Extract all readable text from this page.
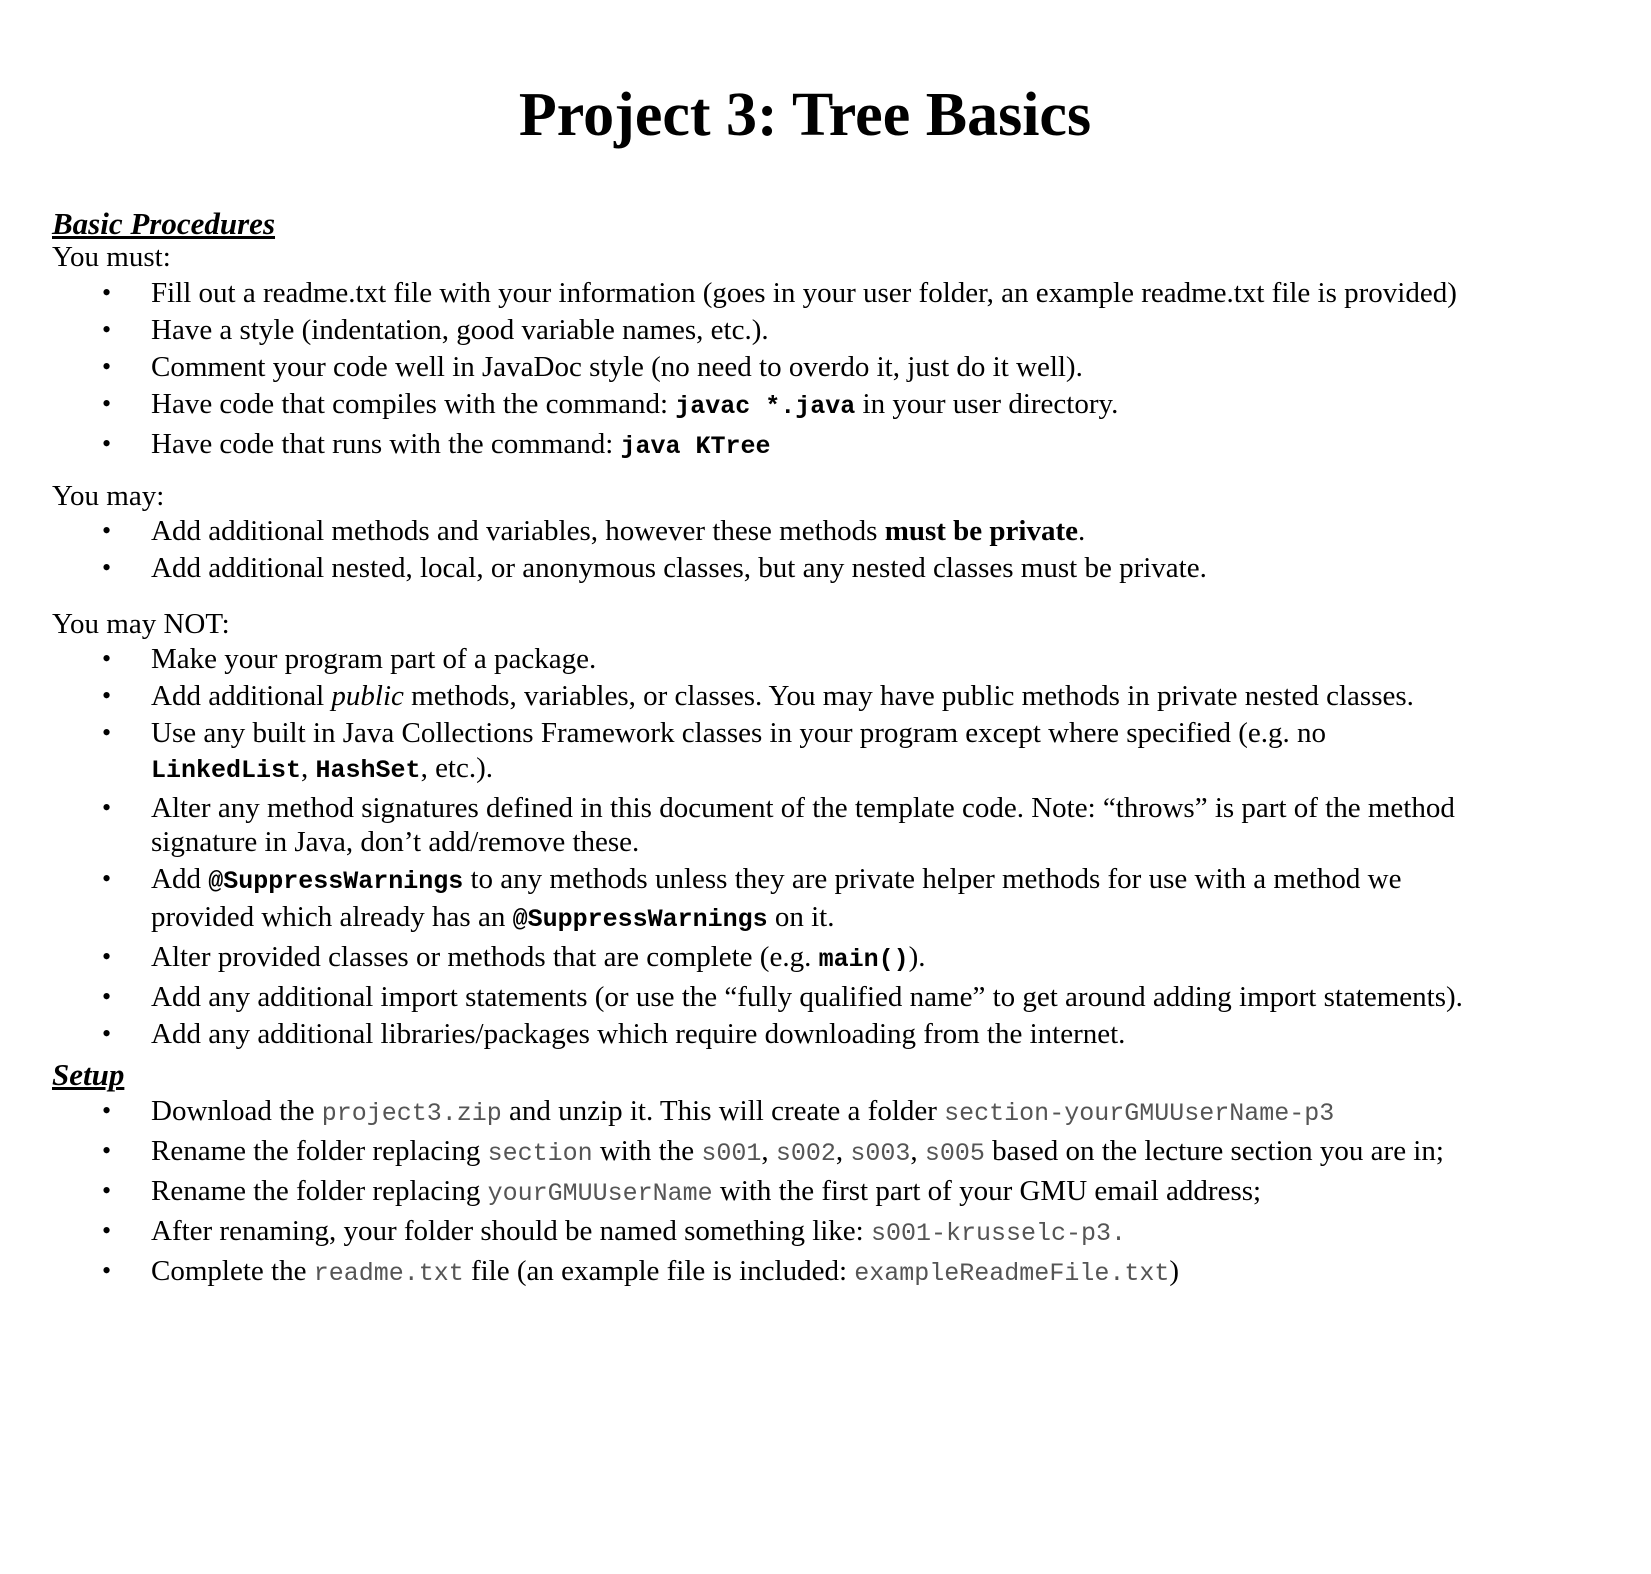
Project 3: Tree Basics
Basic Procedures

You must:

• Fill out a readme.txt file with your information (goes in your user folder, an example readme.txt file is provided)
• Have a style (indentation, good variable names, etc.).
• Comment your code well in JavaDoc style (no need to overdo it, just do it well).
• Have code that compiles with the command: javac *.java in your user directory.
• Have code that runs with the command: java KTree

You may:

• Add additional methods and variables, however these methods must be private.
• Add additional nested, local, or anonymous classes, but any nested classes must be private.

You may NOT:

• Make your program part of a package.
• Add additional public methods, variables, or classes. You may have public methods in private nested classes.
• Use any built in Java Collections Framework classes in your program except where specified (e.g. no
LinkedList, HashSet, etc.).
• Alter any method signatures defined in this document of the template code. Note: “throws” is part of the method
signature in Java, don’t add/remove these.
• Add @SuppressWarnings to any methods unless they are private helper methods for use with a method we
provided which already has an @SuppressWarnings on it.
• Alter provided classes or methods that are complete (e.g. main()).
• Add any additional import statements (or use the “fully qualified name” to get around adding import statements).
• Add any additional libraries/packages which require downloading from the internet.
Setup
• Download the project3.zip and unzip it. This will create a folder section-yourGMUUserName-p3
• Rename the folder replacing section with the s001, s002, s003, s005 based on the lecture section you are in;
• Rename the folder replacing yourGMUUserName with the first part of your GMU email address;
• After renaming, your folder should be named something like: s001-krusselc-p3.
• Complete the readme.txt file (an example file is included: exampleReadmeFile.txt)
